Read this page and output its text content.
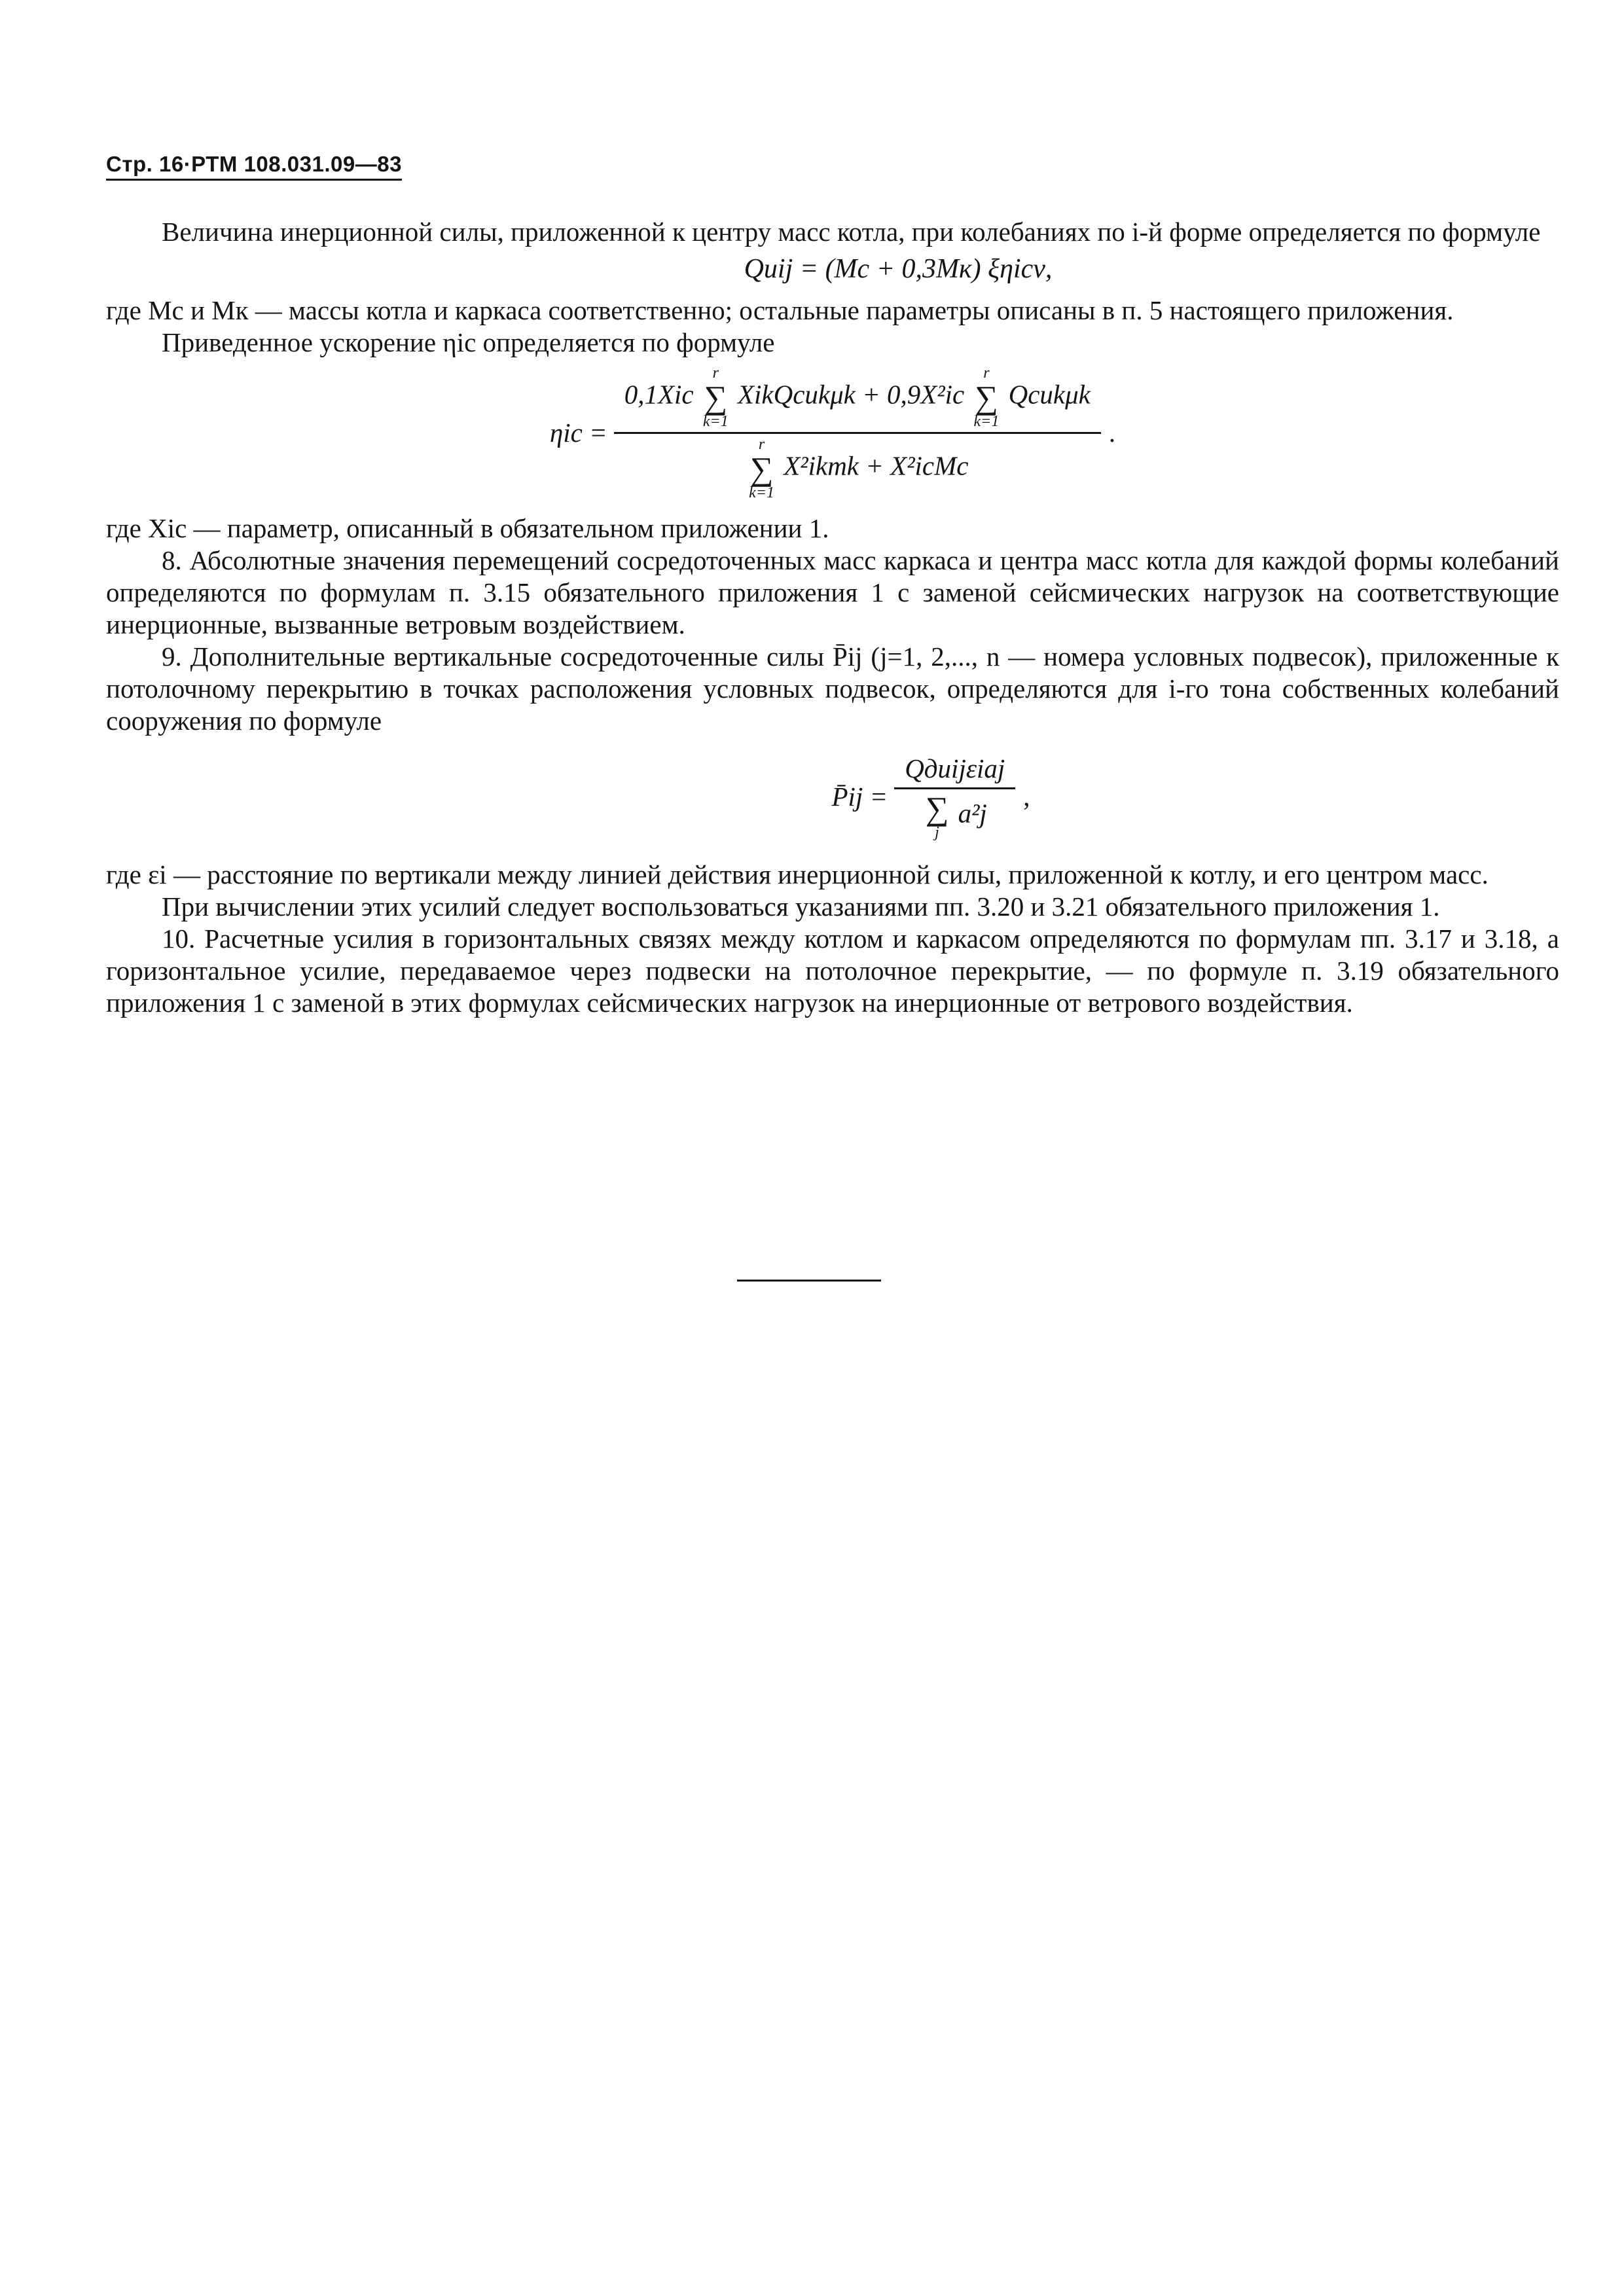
Стр. 16·РТМ 108.031.09—83

Величина инерционной силы, приложенной к центру масс котла, при колебаниях по i-й форме определяется по формуле

Qиij = (Mс + 0,3Mк) ξηicν,

где Mс и Mк — массы котла и каркаса соответственно; остальные параметры описаны в п. 5 настоящего приложения.

Приведенное ускорение ηic определяется по формуле

ηic =
0,1Xic
r
∑
k=1
XikQсиkμk + 0,9X²ic
r
∑
k=1
Qсиkμk
r
∑
k=1
X²ikmk + X²icMc
.

где Xic — параметр, описанный в обязательном приложении 1.

8. Абсолютные значения перемещений сосредоточенных масс каркаса и центра масс котла для каждой формы колебаний определяются по формулам п. 3.15 обязательного приложения 1 с заменой сейсмических нагрузок на соответствующие инерционные, вызванные ветровым воздействием.

9. Дополнительные вертикальные сосредоточенные силы P̄ij (j=1, 2,..., n — номера условных подвесок), приложенные к потолочному перекрытию в точках расположения условных подвесок, определяются для i-го тона собственных колебаний сооружения по формуле

P̄ij = Qдиijεiaj
∑
j
a²j ,

где εi — расстояние по вертикали между линией действия инерционной силы, приложенной к котлу, и его центром масс.

При вычислении этих усилий следует воспользоваться указаниями пп. 3.20 и 3.21 обязательного приложения 1.

10. Расчетные усилия в горизонтальных связях между котлом и каркасом определяются по формулам пп. 3.17 и 3.18, а горизонтальное усилие, передаваемое через подвески на потолочное перекрытие, — по формуле п. 3.19 обязательного приложения 1 с заменой в этих формулах сейсмических нагрузок на инерционные от ветрового воздействия.
